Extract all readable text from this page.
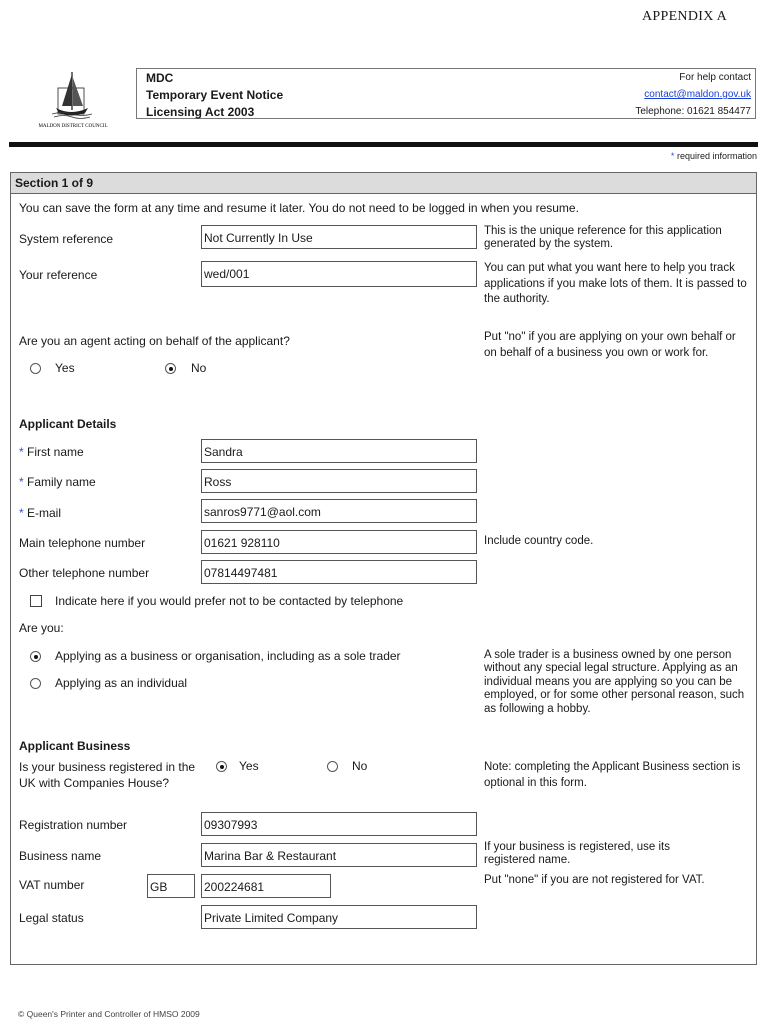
APPENDIX A
MALDON DISTRICT COUNCIL
MDC
Temporary Event Notice
Licensing Act 2003
For help contact
contact@maldon.gov.uk
Telephone: 01621 854477
* required information
Section 1 of 9
You can save the form at any time and resume it later. You do not need to be logged in when you resume.
System reference	Not Currently In Use	This is the unique reference for this application generated by the system.
Your reference	wed/001	You can put what you want here to help you track applications if you make lots of them. It is passed to the authority.
Are you an agent acting on behalf of the applicant?
Yes	No
Put "no" if you are applying on your own behalf or on behalf of a business you own or work for.
Applicant Details
* First name	Sandra
* Family name	Ross
* E-mail	sanros9771@aol.com
Main telephone number	01621 928110	Include country code.
Other telephone number	07814497481
Indicate here if you would prefer not to be contacted by telephone
Are you:
Applying as a business or organisation, including as a sole trader
Applying as an individual
A sole trader is a business owned by one person without any special legal structure. Applying as an individual means you are applying so you can be employed, or for some other personal reason, such as following a hobby.
Applicant Business
Is your business registered in the UK with Companies House?
Yes	No	Note: completing the Applicant Business section is optional in this form.
Registration number	09307993
Business name	Marina Bar & Restaurant
If your business is registered, use its registered name.
VAT number	GB	200224681	Put "none" if you are not registered for VAT.
Legal status	Private Limited Company
© Queen's Printer and Controller of HMSO 2009
